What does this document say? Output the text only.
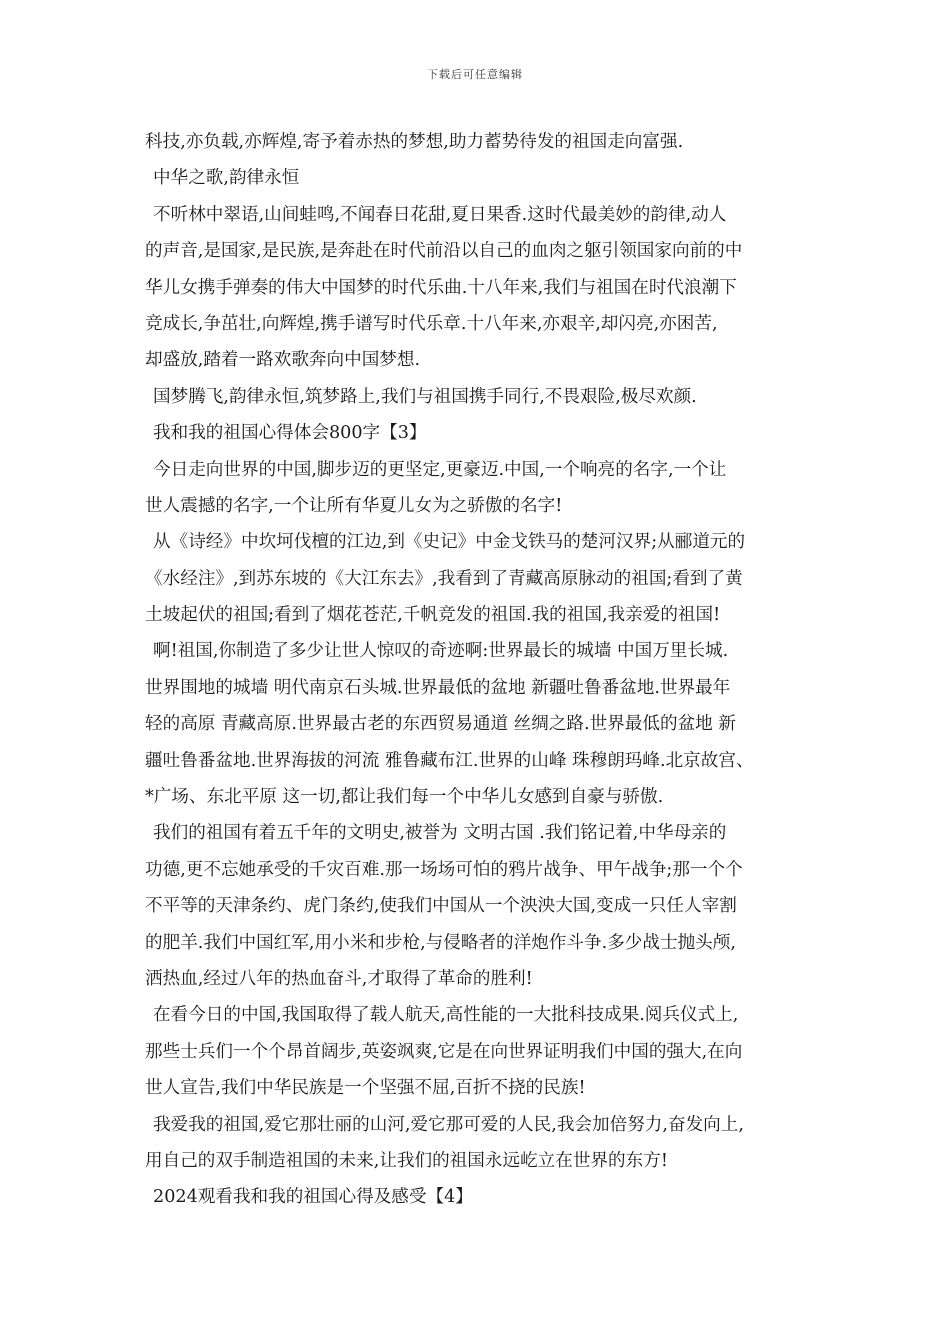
下载后可任意编辑
科技,亦负载,亦辉煌,寄予着赤热的梦想,助力蓄势待发的祖国走向富强.
中华之歌,韵律永恒
不听林中翠语,山间蛙鸣,不闻春日花甜,夏日果香.这时代最美妙的韵律,动人
的声音,是国家,是民族,是奔赴在时代前沿以自己的血肉之躯引领国家向前的中
华儿女携手弹奏的伟大中国梦的时代乐曲.十八年来,我们与祖国在时代浪潮下
竞成长,争茁壮,向辉煌,携手谱写时代乐章.十八年来,亦艰辛,却闪亮,亦困苦,
却盛放,踏着一路欢歌奔向中国梦想.
国梦腾飞,韵律永恒,筑梦路上,我们与祖国携手同行,不畏艰险,极尽欢颜.
我和我的祖国心得体会800字【3】
今日走向世界的中国,脚步迈的更坚定,更豪迈.中国,一个响亮的名字,一个让
世人震撼的名字,一个让所有华夏儿女为之骄傲的名字!
从《诗经》中坎坷伐檀的江边,到《史记》中金戈铁马的楚河汉界;从郦道元的
《水经注》,到苏东坡的《大江东去》,我看到了青藏高原脉动的祖国;看到了黄
土坡起伏的祖国;看到了烟花苍茫,千帆竞发的祖国.我的祖国,我亲爱的祖国!
啊!祖国,你制造了多少让世人惊叹的奇迹啊:世界最长的城墙 中国万里长城.
世界围地的城墙 明代南京石头城.世界最低的盆地 新疆吐鲁番盆地.世界最年
轻的高原 青藏高原.世界最古老的东西贸易通道 丝绸之路.世界最低的盆地 新
疆吐鲁番盆地.世界海拔的河流 雅鲁藏布江.世界的山峰 珠穆朗玛峰.北京故宫、
*广场、东北平原 这一切,都让我们每一个中华儿女感到自豪与骄傲.
我们的祖国有着五千年的文明史,被誉为 文明古国 .我们铭记着,中华母亲的
功德,更不忘她承受的千灾百难.那一场场可怕的鸦片战争、甲午战争;那一个个
不平等的天津条约、虎门条约,使我们中国从一个泱泱大国,变成一只任人宰割
的肥羊.我们中国红军,用小米和步枪,与侵略者的洋炮作斗争.多少战士抛头颅,
洒热血,经过八年的热血奋斗,才取得了革命的胜利!
在看今日的中国,我国取得了载人航天,高性能的一大批科技成果.阅兵仪式上,
那些士兵们一个个昂首阔步,英姿飒爽,它是在向世界证明我们中国的强大,在向
世人宣告,我们中华民族是一个坚强不屈,百折不挠的民族!
我爱我的祖国,爱它那壮丽的山河,爱它那可爱的人民,我会加倍努力,奋发向上,
用自己的双手制造祖国的未来,让我们的祖国永远屹立在世界的东方!
2024观看我和我的祖国心得及感受【4】
